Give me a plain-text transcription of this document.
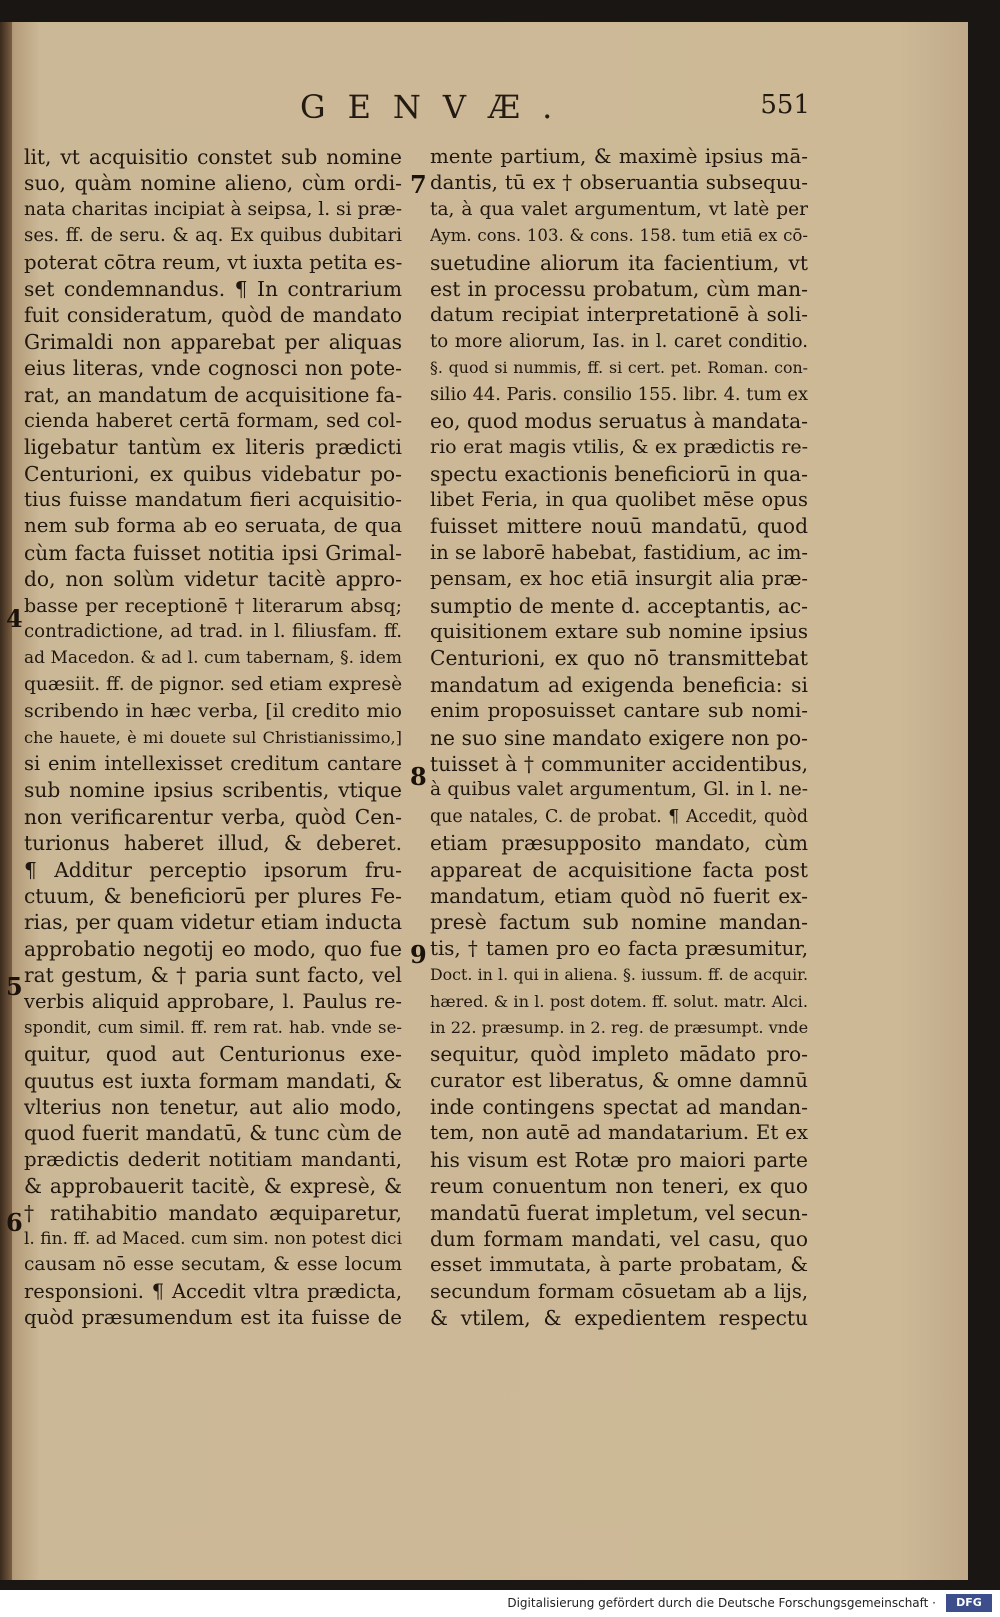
GENVÆ.	551
lit, vt acquisitio constet sub nomine
suo, quàm nomine alieno, cùm ordi-
nata charitas incipiat à seipsa, l. si præ-
ses. ff. de seru. & aq. Ex quibus dubitari
poterat cōtra reum, vt iuxta petita es-
set condemnandus. ¶ In contrarium
fuit consideratum, quòd de mandato
Grimaldi non apparebat per aliquas
eius literas, vnde cognosci non pote-
rat, an mandatum de acquisitione fa-
cienda haberet certā formam, sed col-
ligebatur tantùm ex literis prædicti
Centurioni, ex quibus videbatur po-
tius fuisse mandatum fieri acquisitio-
nem sub forma ab eo seruata, de qua
cùm facta fuisset notitia ipsi Grimal-
do, non solùm videtur tacitè appro-
basse per receptionē † literarum absq;
contradictione, ad trad. in l. filiusfam. ff.
ad Macedon. & ad l. cum tabernam, §. idem
quæsiit. ff. de pignor. sed etiam expresè
scribendo in hæc verba, [il credito mio
che hauete, è mi douete sul Christianissimo,]
si enim intellexisset creditum cantare
sub nomine ipsius scribentis, vtique
non verificarentur verba, quòd Cen-
turionus haberet illud, & deberet.
¶ Additur perceptio ipsorum fru-
ctuum, & beneficiorū per plures Fe-
rias, per quam videtur etiam inducta
approbatio negotij eo modo, quo fue
rat gestum, & † paria sunt facto, vel
verbis aliquid approbare, l. Paulus re-
spondit, cum simil. ff. rem rat. hab. vnde se-
quitur, quod aut Centurionus exe-
quutus est iuxta formam mandati, &
vlterius non tenetur, aut alio modo,
quod fuerit mandatū, & tunc cùm de
prædictis dederit notitiam mandanti,
& approbauerit tacitè, & expresè, &
† ratihabitio mandato æquiparetur,
l. fin. ff. ad Maced. cum sim. non potest dici
causam nō esse secutam, & esse locum
responsioni. ¶ Accedit vltra prædicta,
quòd præsumendum est ita fuisse de
mente partium, & maximè ipsius mā-
dantis, tū ex † obseruantia subsequu-
ta, à qua valet argumentum, vt latè per
Aym. cons. 103. & cons. 158. tum etiā ex cō-
suetudine aliorum ita facientium, vt
est in processu probatum, cùm man-
datum recipiat interpretationē à soli-
to more aliorum, Ias. in l. caret conditio.
§. quod si nummis, ff. si cert. pet. Roman. con-
silio 44. Paris. consilio 155. libr. 4. tum ex
eo, quod modus seruatus à mandata-
rio erat magis vtilis, & ex prædictis re-
spectu exactionis beneficiorū in qua-
libet Feria, in qua quolibet mēse opus
fuisset mittere nouū mandatū, quod
in se laborē habebat, fastidium, ac im-
pensam, ex hoc etiā insurgit alia præ-
sumptio de mente d. acceptantis, ac-
quisitionem extare sub nomine ipsius
Centurioni, ex quo nō transmittebat
mandatum ad exigenda beneficia: si
enim proposuisset cantare sub nomi-
ne suo sine mandato exigere non po-
tuisset à † communiter accidentibus,
à quibus valet argumentum, Gl. in l. ne-
que natales, C. de probat. ¶ Accedit, quòd
etiam præsupposito mandato, cùm
appareat de acquisitione facta post
mandatum, etiam quòd nō fuerit ex-
presè factum sub nomine mandan-
tis, † tamen pro eo facta præsumitur,
Doct. in l. qui in aliena. §. iussum. ff. de acquir.
hæred. & in l. post dotem. ff. solut. matr. Alci.
in 22. præsump. in 2. reg. de præsumpt. vnde
sequitur, quòd impleto mādato pro-
curator est liberatus, & omne damnū
inde contingens spectat ad mandan-
tem, non autē ad mandatarium. Et ex
his visum est Rotæ pro maiori parte
reum conuentum non teneri, ex quo
mandatū fuerat impletum, vel secun-
dum formam mandati, vel casu, quo
esset immutata, à parte probatam, &
secundum formam cōsuetam ab a lijs,
& vtilem, & expedientem respectu
7
4
8
9
5
6
Digitalisierung gefördert durch die Deutsche Forschungsgemeinschaft ·	DFG
